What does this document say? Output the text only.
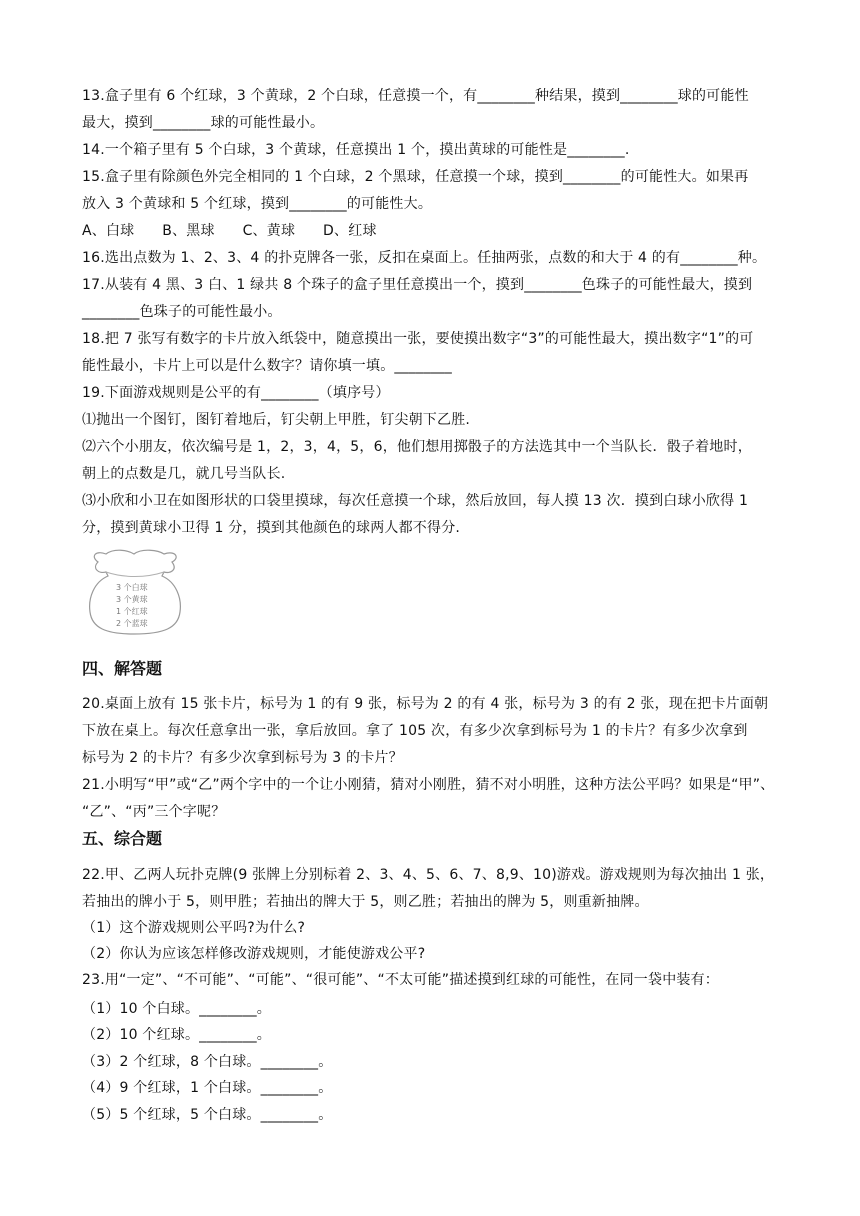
13.盒子里有 6 个红球，3 个黄球，2 个白球，任意摸一个，有________种结果，摸到________球的可能性
最大，摸到________球的可能性最小。
14.一个箱子里有 5 个白球，3 个黄球，任意摸出 1 个，摸出黄球的可能性是________.
15.盒子里有除颜色外完全相同的 1 个白球，2 个黑球，任意摸一个球，摸到________的可能性大。如果再
放入 3 个黄球和 5 个红球，摸到________的可能性大。
A、白球      B、黑球      C、黄球      D、红球
16.选出点数为 1、2、3、4 的扑克牌各一张，反扣在桌面上。任抽两张，点数的和大于 4 的有________种。
17.从装有 4 黑、3 白、1 绿共 8 个珠子的盒子里任意摸出一个，摸到________色珠子的可能性最大，摸到
________色珠子的可能性最小。
18.把 7 张写有数字的卡片放入纸袋中，随意摸出一张，要使摸出数字“3”的可能性最大，摸出数字“1”的可
能性最小，卡片上可以是什么数字？请你填一填。________
19.下面游戏规则是公平的有________（填序号）
⑴抛出一个图钉，图钉着地后，钉尖朝上甲胜，钉尖朝下乙胜.
⑵六个小朋友，依次编号是 1，2，3，4，5，6，他们想用掷骰子的方法选其中一个当队长．骰子着地时，
朝上的点数是几，就几号当队长.
⑶小欣和小卫在如图形状的口袋里摸球，每次任意摸一个球，然后放回，每人摸 13 次．摸到白球小欣得 1
分，摸到黄球小卫得 1 分，摸到其他颜色的球两人都不得分.
3 个白球
3 个黄球
1 个红球
2 个蓝球
四、解答题
20.桌面上放有 15 张卡片，标号为 1 的有 9 张，标号为 2 的有 4 张，标号为 3 的有 2 张，现在把卡片面朝
下放在桌上。每次任意拿出一张，拿后放回。拿了 105 次，有多少次拿到标号为 1 的卡片？有多少次拿到
标号为 2 的卡片？有多少次拿到标号为 3 的卡片？
21.小明写“甲”或“乙”两个字中的一个让小刚猜，猜对小刚胜，猜不对小明胜，这种方法公平吗？如果是“甲”、
“乙”、“丙”三个字呢？
五、综合题
22.甲、乙两人玩扑克牌(9 张牌上分别标着 2、3、4、5、6、7、8,9、10)游戏。游戏规则为每次抽出 1 张，
若抽出的牌小于 5，则甲胜；若抽出的牌大于 5，则乙胜；若抽出的牌为 5，则重新抽牌。
（1）这个游戏规则公平吗?为什么?
（2）你认为应该怎样修改游戏规则，才能使游戏公平?
23.用“一定”、“不可能”、“可能”、“很可能”、“不太可能”描述摸到红球的可能性，在同一袋中装有：
（1）10 个白球。________。
（2）10 个红球。________。
（3）2 个红球，8 个白球。________。
（4）9 个红球，1 个白球。________。
（5）5 个红球，5 个白球。________。
